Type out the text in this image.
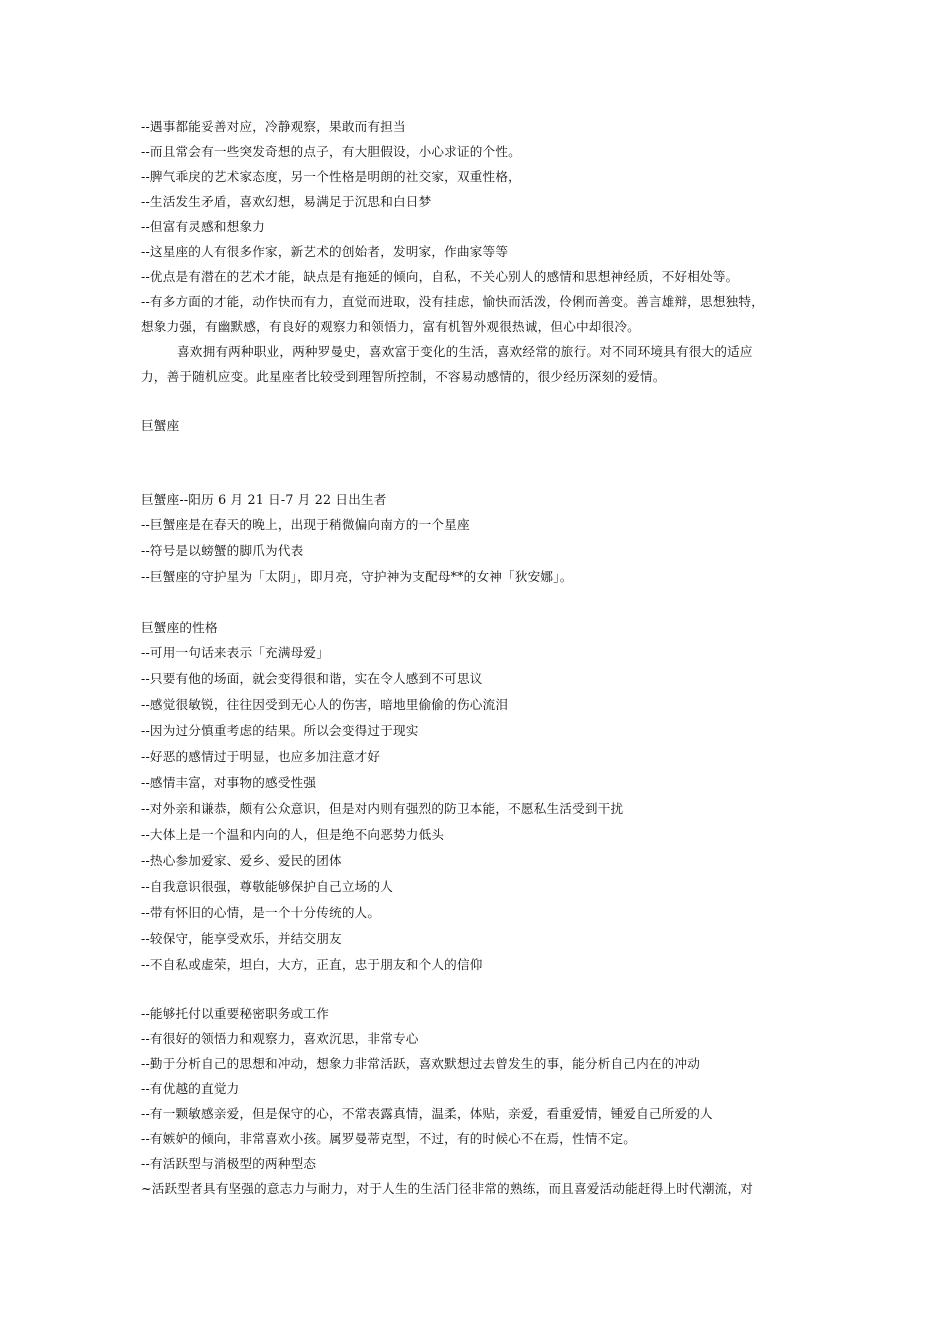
--遇事都能妥善对应，冷静观察，果敢而有担当
--而且常会有一些突发奇想的点子，有大胆假设，小心求证的个性。
--脾气乖戾的艺术家态度，另一个性格是明朗的社交家，双重性格，
--生活发生矛盾，喜欢幻想，易满足于沉思和白日梦
--但富有灵感和想象力
--这星座的人有很多作家，新艺术的创始者，发明家，作曲家等等
--优点是有潜在的艺术才能，缺点是有拖延的倾向，自私，不关心别人的感情和思想神经质，不好相处等。
--有多方面的才能，动作快而有力，直觉而进取，没有挂虑，愉快而活泼，伶俐而善变。善言雄辩，思想独特，
想象力强，有幽默感，有良好的观察力和领悟力，富有机智外观很热诚，但心中却很冷。
喜欢拥有两种职业，两种罗曼史，喜欢富于变化的生活，喜欢经常的旅行。对不同环境具有很大的适应
力，善于随机应变。此星座者比较受到理智所控制，不容易动感情的，很少经历深刻的爱情。
巨蟹座
巨蟹座--阳历 6 月 21 日-7 月 22 日出生者
--巨蟹座是在春天的晚上，出现于稍微偏向南方的一个星座
--符号是以螃蟹的脚爪为代表
--巨蟹座的守护星为「太阴」，即月亮，守护神为支配母**的女神「狄安娜」。
巨蟹座的性格
--可用一句话来表示「充满母爱」
--只要有他的场面，就会变得很和谐，实在令人感到不可思议
--感觉很敏锐，往往因受到无心人的伤害，暗地里偷偷的伤心流泪
--因为过分慎重考虑的结果。所以会变得过于现实
--好恶的感情过于明显，也应多加注意才好
--感情丰富，对事物的感受性强
--对外亲和谦恭，颇有公众意识，但是对内则有强烈的防卫本能，不愿私生活受到干扰
--大体上是一个温和内向的人，但是绝不向恶势力低头
--热心参加爱家、爱乡、爱民的团体
--自我意识很强，尊敬能够保护自己立场的人
--带有怀旧的心情，是一个十分传统的人。
--较保守，能享受欢乐，并结交朋友
--不自私或虚荣，坦白，大方，正直，忠于朋友和个人的信仰
--能够托付以重要秘密职务或工作
--有很好的领悟力和观察力，喜欢沉思，非常专心
--勤于分析自己的思想和冲动，想象力非常活跃，喜欢默想过去曾发生的事，能分析自己内在的冲动
--有优越的直觉力
--有一颗敏感亲爱，但是保守的心，不常表露真情，温柔，体贴，亲爱，看重爱情，锺爱自己所爱的人
--有嫉妒的倾向，非常喜欢小孩。属罗曼蒂克型，不过，有的时候心不在焉，性情不定。
--有活跃型与消极型的两种型态
~活跃型者具有坚强的意志力与耐力，对于人生的生活门径非常的熟练，而且喜爱活动能赶得上时代潮流，对
